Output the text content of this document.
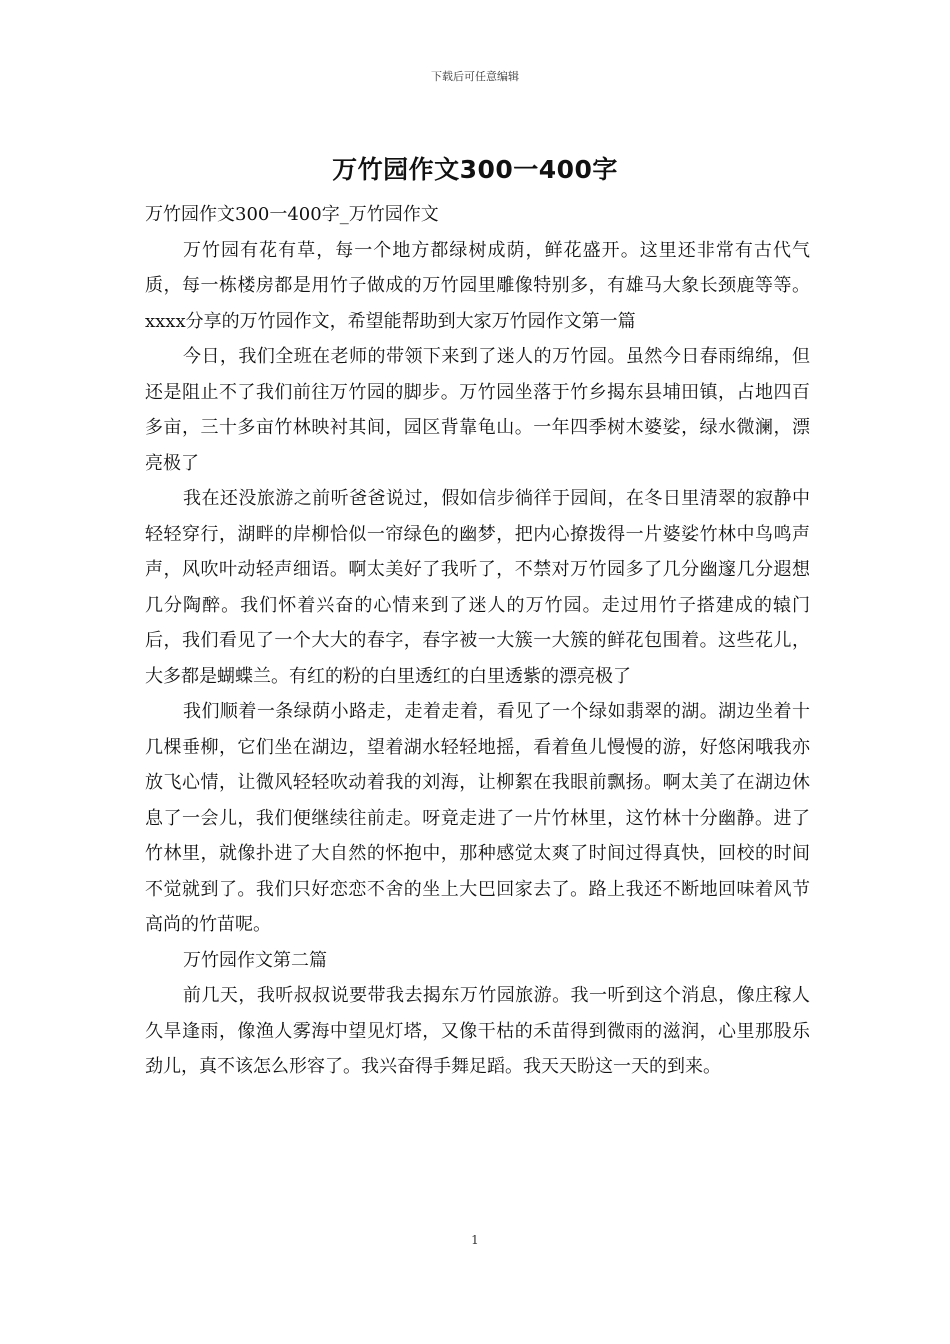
下载后可任意编辑
万竹园作文300一400字

万竹园作文300一400字_万竹园作文

万竹园有花有草，每一个地方都绿树成荫，鲜花盛开。这里还非常有古代气质，每一栋楼房都是用竹子做成的万竹园里雕像特别多，有雄马大象长颈鹿等等。xxxx分享的万竹园作文，希望能帮助到大家万竹园作文第一篇

今日，我们全班在老师的带领下来到了迷人的万竹园。虽然今日春雨绵绵，但还是阻止不了我们前往万竹园的脚步。万竹园坐落于竹乡揭东县埔田镇，占地四百多亩，三十多亩竹林映衬其间，园区背靠龟山。一年四季树木婆娑，绿水微澜，漂亮极了

我在还没旅游之前听爸爸说过，假如信步徜徉于园间，在冬日里清翠的寂静中轻轻穿行，湖畔的岸柳恰似一帘绿色的幽梦，把内心撩拨得一片婆娑竹林中鸟鸣声声，风吹叶动轻声细语。啊太美好了我听了，不禁对万竹园多了几分幽邃几分遐想几分陶醉。我们怀着兴奋的心情来到了迷人的万竹园。走过用竹子搭建成的辕门后，我们看见了一个大大的春字，春字被一大簇一大簇的鲜花包围着。这些花儿，大多都是蝴蝶兰。有红的粉的白里透红的白里透紫的漂亮极了

我们顺着一条绿荫小路走，走着走着，看见了一个绿如翡翠的湖。湖边坐着十几棵垂柳，它们坐在湖边，望着湖水轻轻地摇，看着鱼儿慢慢的游，好悠闲哦我亦放飞心情，让微风轻轻吹动着我的刘海，让柳絮在我眼前飘扬。啊太美了在湖边休息了一会儿，我们便继续往前走。呀竟走进了一片竹林里，这竹林十分幽静。进了竹林里，就像扑进了大自然的怀抱中，那种感觉太爽了时间过得真快，回校的时间不觉就到了。我们只好恋恋不舍的坐上大巴回家去了。路上我还不断地回味着风节高尚的竹苗呢。

万竹园作文第二篇

前几天，我听叔叔说要带我去揭东万竹园旅游。我一听到这个消息，像庄稼人久旱逢雨，像渔人雾海中望见灯塔，又像干枯的禾苗得到微雨的滋润，心里那股乐劲儿，真不该怎么形容了。我兴奋得手舞足蹈。我天天盼这一天的到来。

1
